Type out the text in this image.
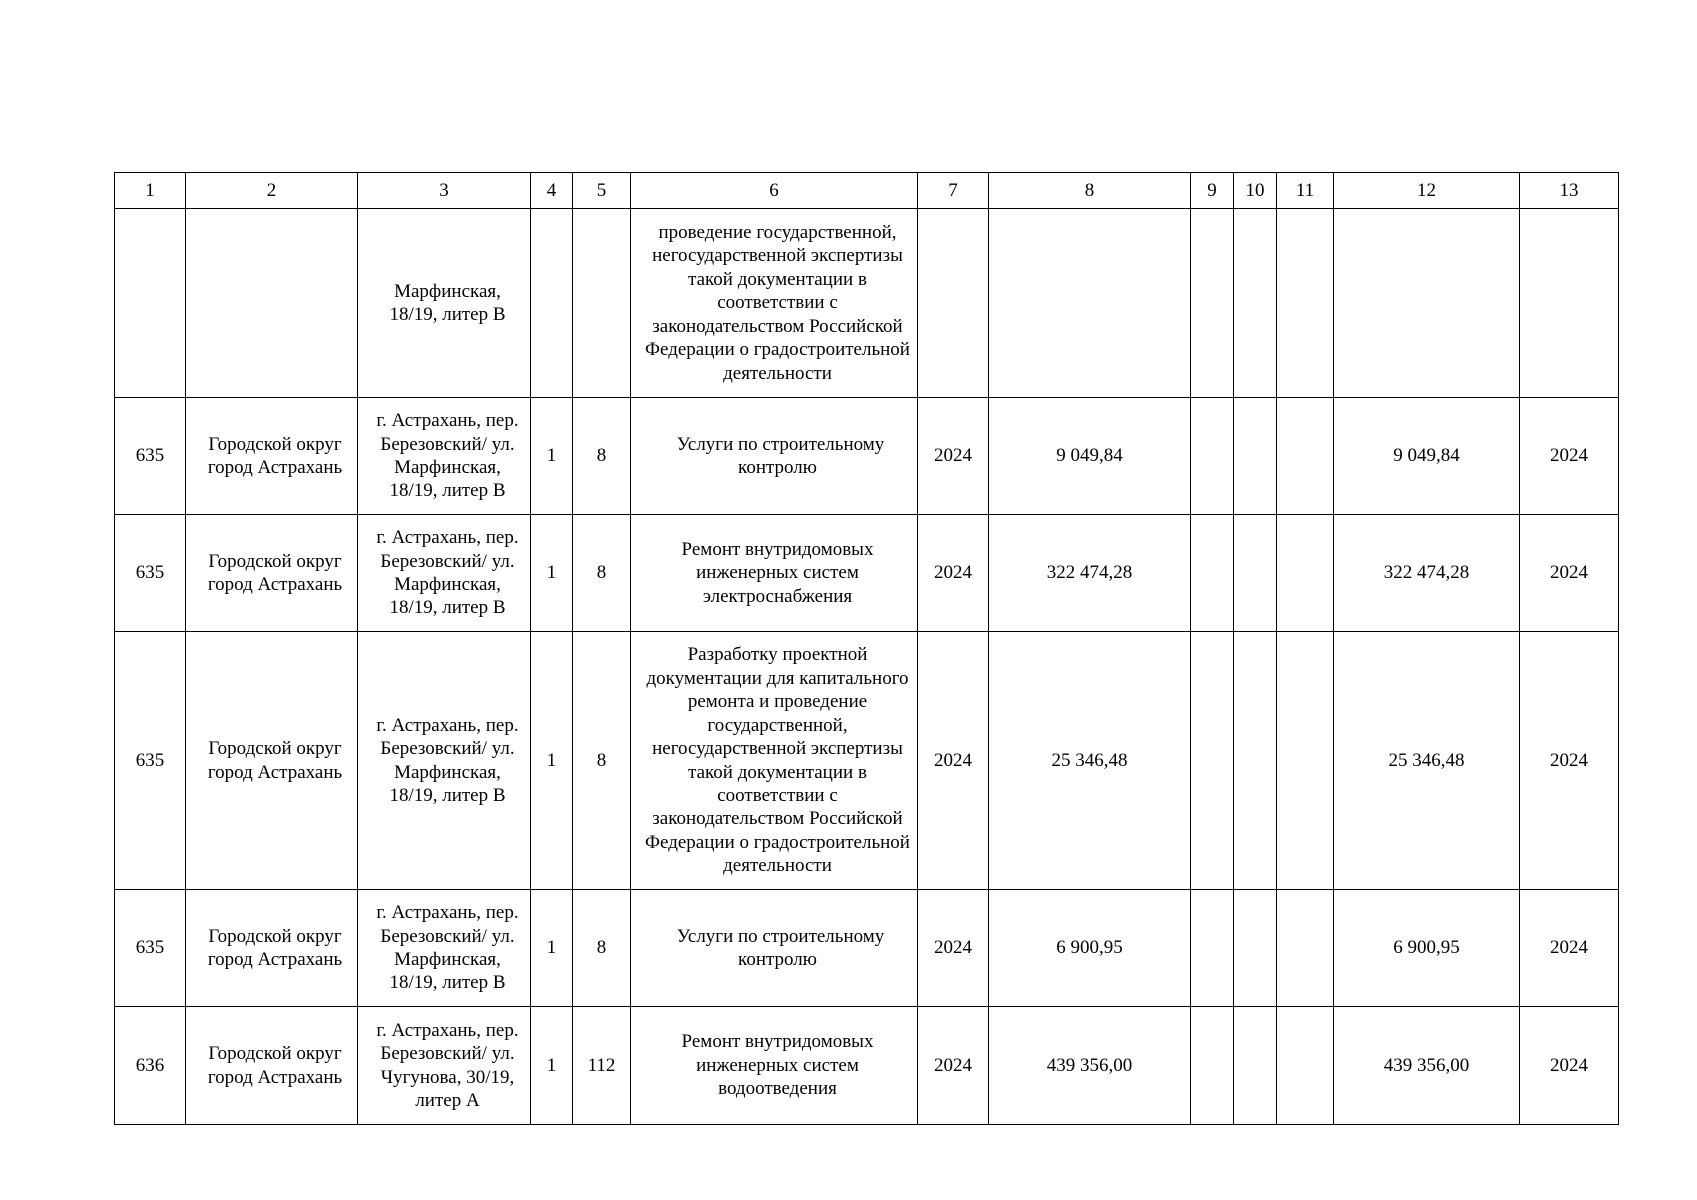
1	2	3	4	5	6	7	8	9	10	11	12	13

		Марфинская, 18/19, литер В			проведение государственной, негосударственной экспертизы такой документации в соответствии с законодательством Российской Федерации о градостроительной деятельности							

635	Городской округ город Астрахань	г. Астрахань, пер. Березовский/ ул. Марфинская, 18/19, литер В	1	8	Услуги по строительному контролю	2024	9 049,84				9 049,84	2024
635	Городской округ город Астрахань	г. Астрахань, пер. Березовский/ ул. Марфинская, 18/19, литер В	1	8	Ремонт внутридомовых инженерных систем электроснабжения	2024	322 474,28				322 474,28	2024
635	Городской округ город Астрахань	г. Астрахань, пер. Березовский/ ул. Марфинская, 18/19, литер В	1	8	Разработку проектной документации для капитального ремонта и проведение государственной, негосударственной экспертизы такой документации в соответствии с законодательством Российской Федерации о градостроительной деятельности	2024	25 346,48				25 346,48	2024
635	Городской округ город Астрахань	г. Астрахань, пер. Березовский/ ул. Марфинская, 18/19, литер В	1	8	Услуги по строительному контролю	2024	6 900,95				6 900,95	2024
636	Городской округ город Астрахань	г. Астрахань, пер. Березовский/ ул. Чугунова, 30/19, литер А	1	112	Ремонт внутридомовых инженерных систем водоотведения	2024	439 356,00				439 356,00	2024
